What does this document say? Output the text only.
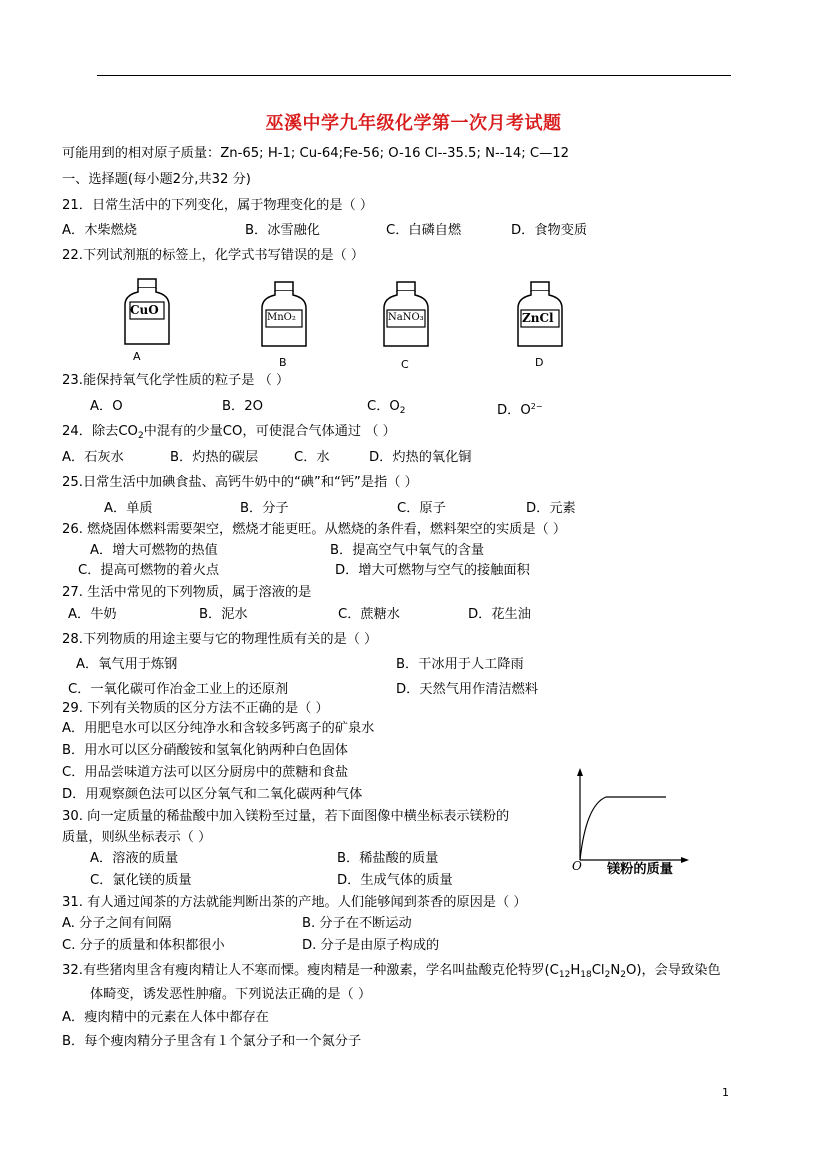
巫溪中学九年级化学第一次月考试题
可能用到的相对原子质量：Zn-65; H-1; Cu-64;Fe-56; O-16 Cl--35.5; N--14; C—12
一、选择题(每小题2分,共32 分)
21．日常生活中的下列变化，属于物理变化的是（ ）
A．木柴燃烧	B．冰雪融化	C．白磷自燃	D．食物变质
22.下列试剂瓶的标签上，化学式书写错误的是（ ）
CuO
A
MnO₂
B
NaNO₃
C
ZnCl
D
23.能保持氧气化学性质的粒子是 （ ）
A．O	B．2O	C．$O_2$	D．$O^{2-}$
24．除去$CO_2$中混有的少量CO，可使混合气体通过 （ ）
A．石灰水	B．灼热的碳层	C．水	D．灼热的氧化铜
25.日常生活中加碘食盐、高钙牛奶中的“碘”和“钙”是指（ ）
A．单质	B．分子	C．原子	D．元素
26. 燃烧固体燃料需要架空，燃烧才能更旺。从燃烧的条件看，燃料架空的实质是（ ）
A．增大可燃物的热值	B．提高空气中氧气的含量
C．提高可燃物的着火点	D．增大可燃物与空气的接触面积
27. 生活中常见的下列物质，属于溶液的是
A．牛奶	B．泥水	C．蔗糖水	D．花生油
28.下列物质的用途主要与它的物理性质有关的是（ ）
A．氧气用于炼钢	B．干冰用于人工降雨
C．一氧化碳可作冶金工业上的还原剂	D．天然气用作清洁燃料
29. 下列有关物质的区分方法不正确的是（ ）
A．用肥皂水可以区分纯净水和含较多钙离子的矿泉水
B．用水可以区分硝酸铵和氢氧化钠两种白色固体
C．用品尝味道方法可以区分厨房中的蔗糖和食盐
D．用观察颜色法可以区分氧气和二氧化碳两种气体
30. 向一定质量的稀盐酸中加入镁粉至过量，若下面图像中横坐标表示镁粉的
质量，则纵坐标表示（ ）
A．溶液的质量	B．稀盐酸的质量
C．氯化镁的质量	D．生成气体的质量
O 镁粉的质量
31. 有人通过闻茶的方法就能判断出茶的产地。人们能够闻到茶香的原因是（ ）
A. 分子之间有间隔	B. 分子在不断运动
C. 分子的质量和体积都很小	D. 分子是由原子构成的
32.有些猪肉里含有瘦肉精让人不寒而慄。瘦肉精是一种激素，学名叫盐酸克伦特罗$(C_{12}H_{18}Cl_2N_2O)$，会导致染色
体畸变，诱发恶性肿瘤。下列说法正确的是（ ）
A．瘦肉精中的元素在人体中都存在
B．每个瘦肉精分子里含有１个氯分子和一个氮分子
1
